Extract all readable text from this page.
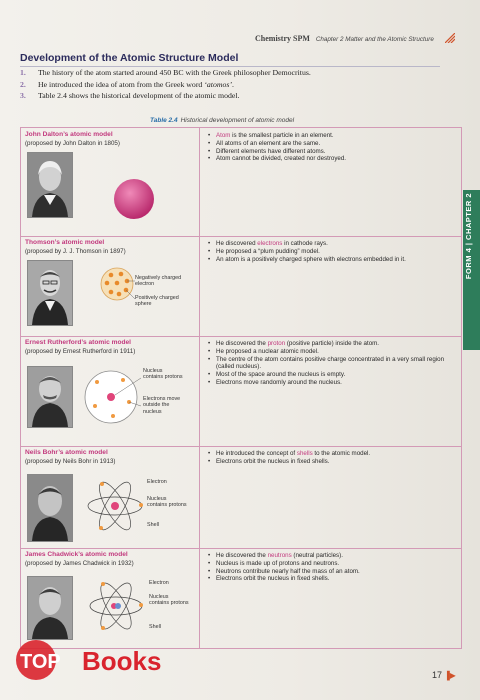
Chemistry SPM Chapter 2 Matter and the Atomic Structure
Development of the Atomic Structure Model
1. The history of the atom started around 450 BC with the Greek philosopher Democritus.
2. He introduced the idea of atom from the Greek word ‘atomos’.
3. Table 2.4 shows the historical development of the atomic model.
Table 2.4 Historical development of atomic model
John Dalton’s atomic model
(proposed by John Dalton in 1805)
• Atom is the smallest particle in an element.
• All atoms of an element are the same.
• Different elements have different atoms.
• Atom cannot be divided, created nor destroyed.
Thomson’s atomic model
(proposed by J. J. Thomson in 1897)
Negatively charged electron
Positively charged sphere
• He discovered electrons in cathode rays.
• He proposed a “plum pudding” model.
• An atom is a positively charged sphere with electrons embedded in it.
Ernest Rutherford’s atomic model
(proposed by Ernest Rutherford in 1911)
Nucleus contains protons
Electrons move outside the nucleus
• He discovered the proton (positive particle) inside the atom.
• He proposed a nuclear atomic model.
• The centre of the atom contains positive charge concentrated in a very small region (called nucleus).
• Most of the space around the nucleus is empty.
• Electrons move randomly around the nucleus.
Neils Bohr’s atomic model
(proposed by Neils Bohr in 1913)
Electron
Nucleus contains protons
Shell
• He introduced the concept of shells to the atomic model.
• Electrons orbit the nucleus in fixed shells.
James Chadwick’s atomic model
(proposed by James Chadwick in 1932)
Electron
Nucleus contains protons
Shell
• He discovered the neutrons (neutral particles).
• Nucleus is made up of protons and neutrons.
• Neutrons contribute nearly half the mass of an atom.
• Electrons orbit the nucleus in fixed shells.
FORM 4 | CHAPTER 2
17 ▐▶
TOP Books
